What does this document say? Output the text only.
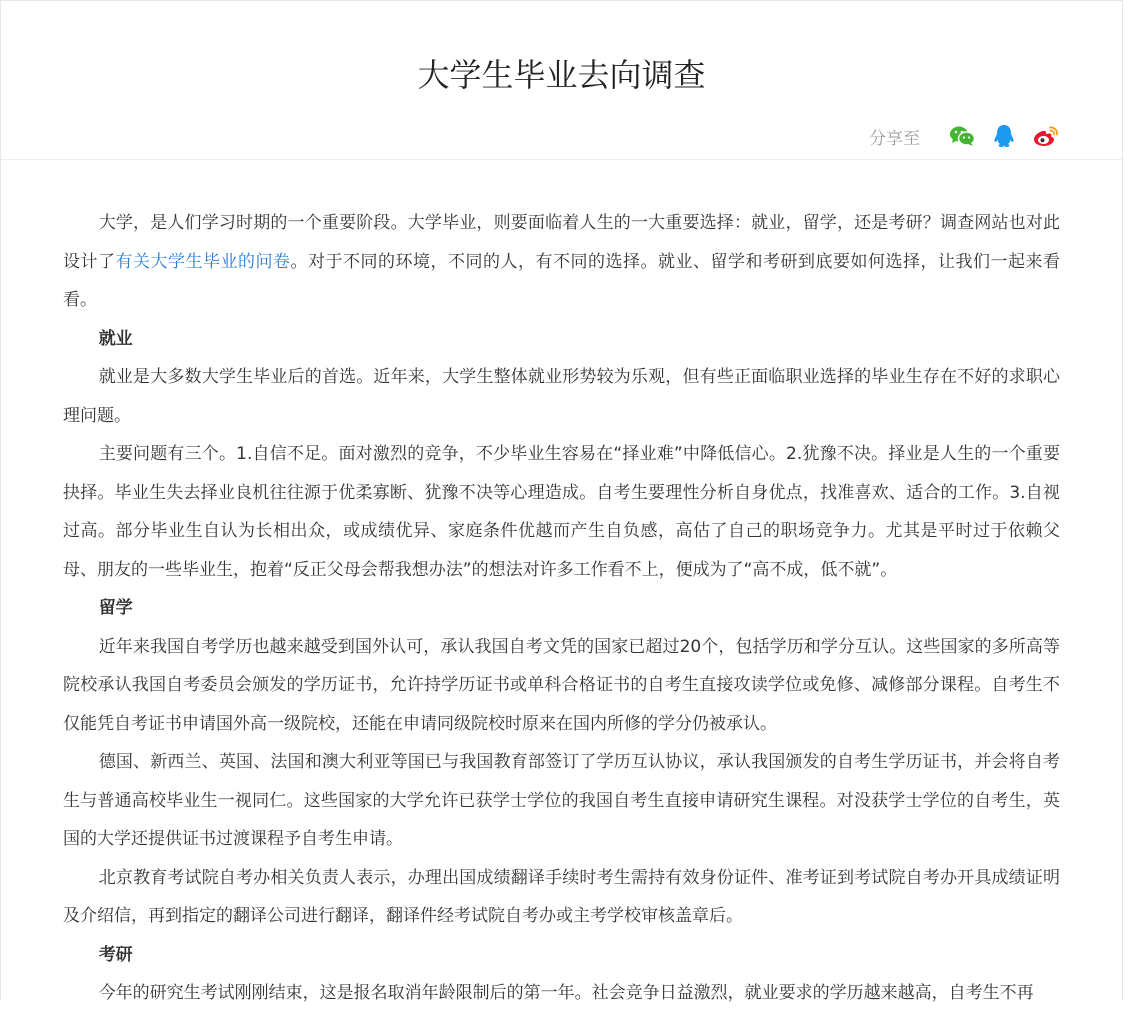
大学生毕业去向调查
分享至

大学，是人们学习时期的一个重要阶段。大学毕业，则要面临着人生的一大重要选择：就业，留学，还是考研？调查网站也对此设计了有关大学生毕业的问卷。对于不同的环境，不同的人，有不同的选择。就业、留学和考研到底要如何选择，让我们一起来看看。

就业

就业是大多数大学生毕业后的首选。近年来，大学生整体就业形势较为乐观，但有些正面临职业选择的毕业生存在不好的求职心理问题。

主要问题有三个。1.自信不足。面对激烈的竞争，不少毕业生容易在“择业难”中降低信心。2.犹豫不决。择业是人生的一个重要抉择。毕业生失去择业良机往往源于优柔寡断、犹豫不决等心理造成。自考生要理性分析自身优点，找准喜欢、适合的工作。3.自视过高。部分毕业生自认为长相出众，或成绩优异、家庭条件优越而产生自负感，高估了自己的职场竞争力。尤其是平时过于依赖父母、朋友的一些毕业生，抱着“反正父母会帮我想办法”的想法对许多工作看不上，便成为了“高不成，低不就”。

留学

近年来我国自考学历也越来越受到国外认可，承认我国自考文凭的国家已超过20个，包括学历和学分互认。这些国家的多所高等院校承认我国自考委员会颁发的学历证书，允许持学历证书或单科合格证书的自考生直接攻读学位或免修、减修部分课程。自考生不仅能凭自考证书申请国外高一级院校，还能在申请同级院校时原来在国内所修的学分仍被承认。

德国、新西兰、英国、法国和澳大利亚等国已与我国教育部签订了学历互认协议，承认我国颁发的自考生学历证书，并会将自考生与普通高校毕业生一视同仁。这些国家的大学允许已获学士学位的我国自考生直接申请研究生课程。对没获学士学位的自考生，英国的大学还提供证书过渡课程予自考生申请。

北京教育考试院自考办相关负责人表示，办理出国成绩翻译手续时考生需持有效身份证件、准考证到考试院自考办开具成绩证明及介绍信，再到指定的翻译公司进行翻译，翻译件经考试院自考办或主考学校审核盖章后。

考研

今年的研究生考试刚刚结束，这是报名取消年龄限制后的第一年。社会竞争日益激烈，就业要求的学历越来越高，自考生不再
